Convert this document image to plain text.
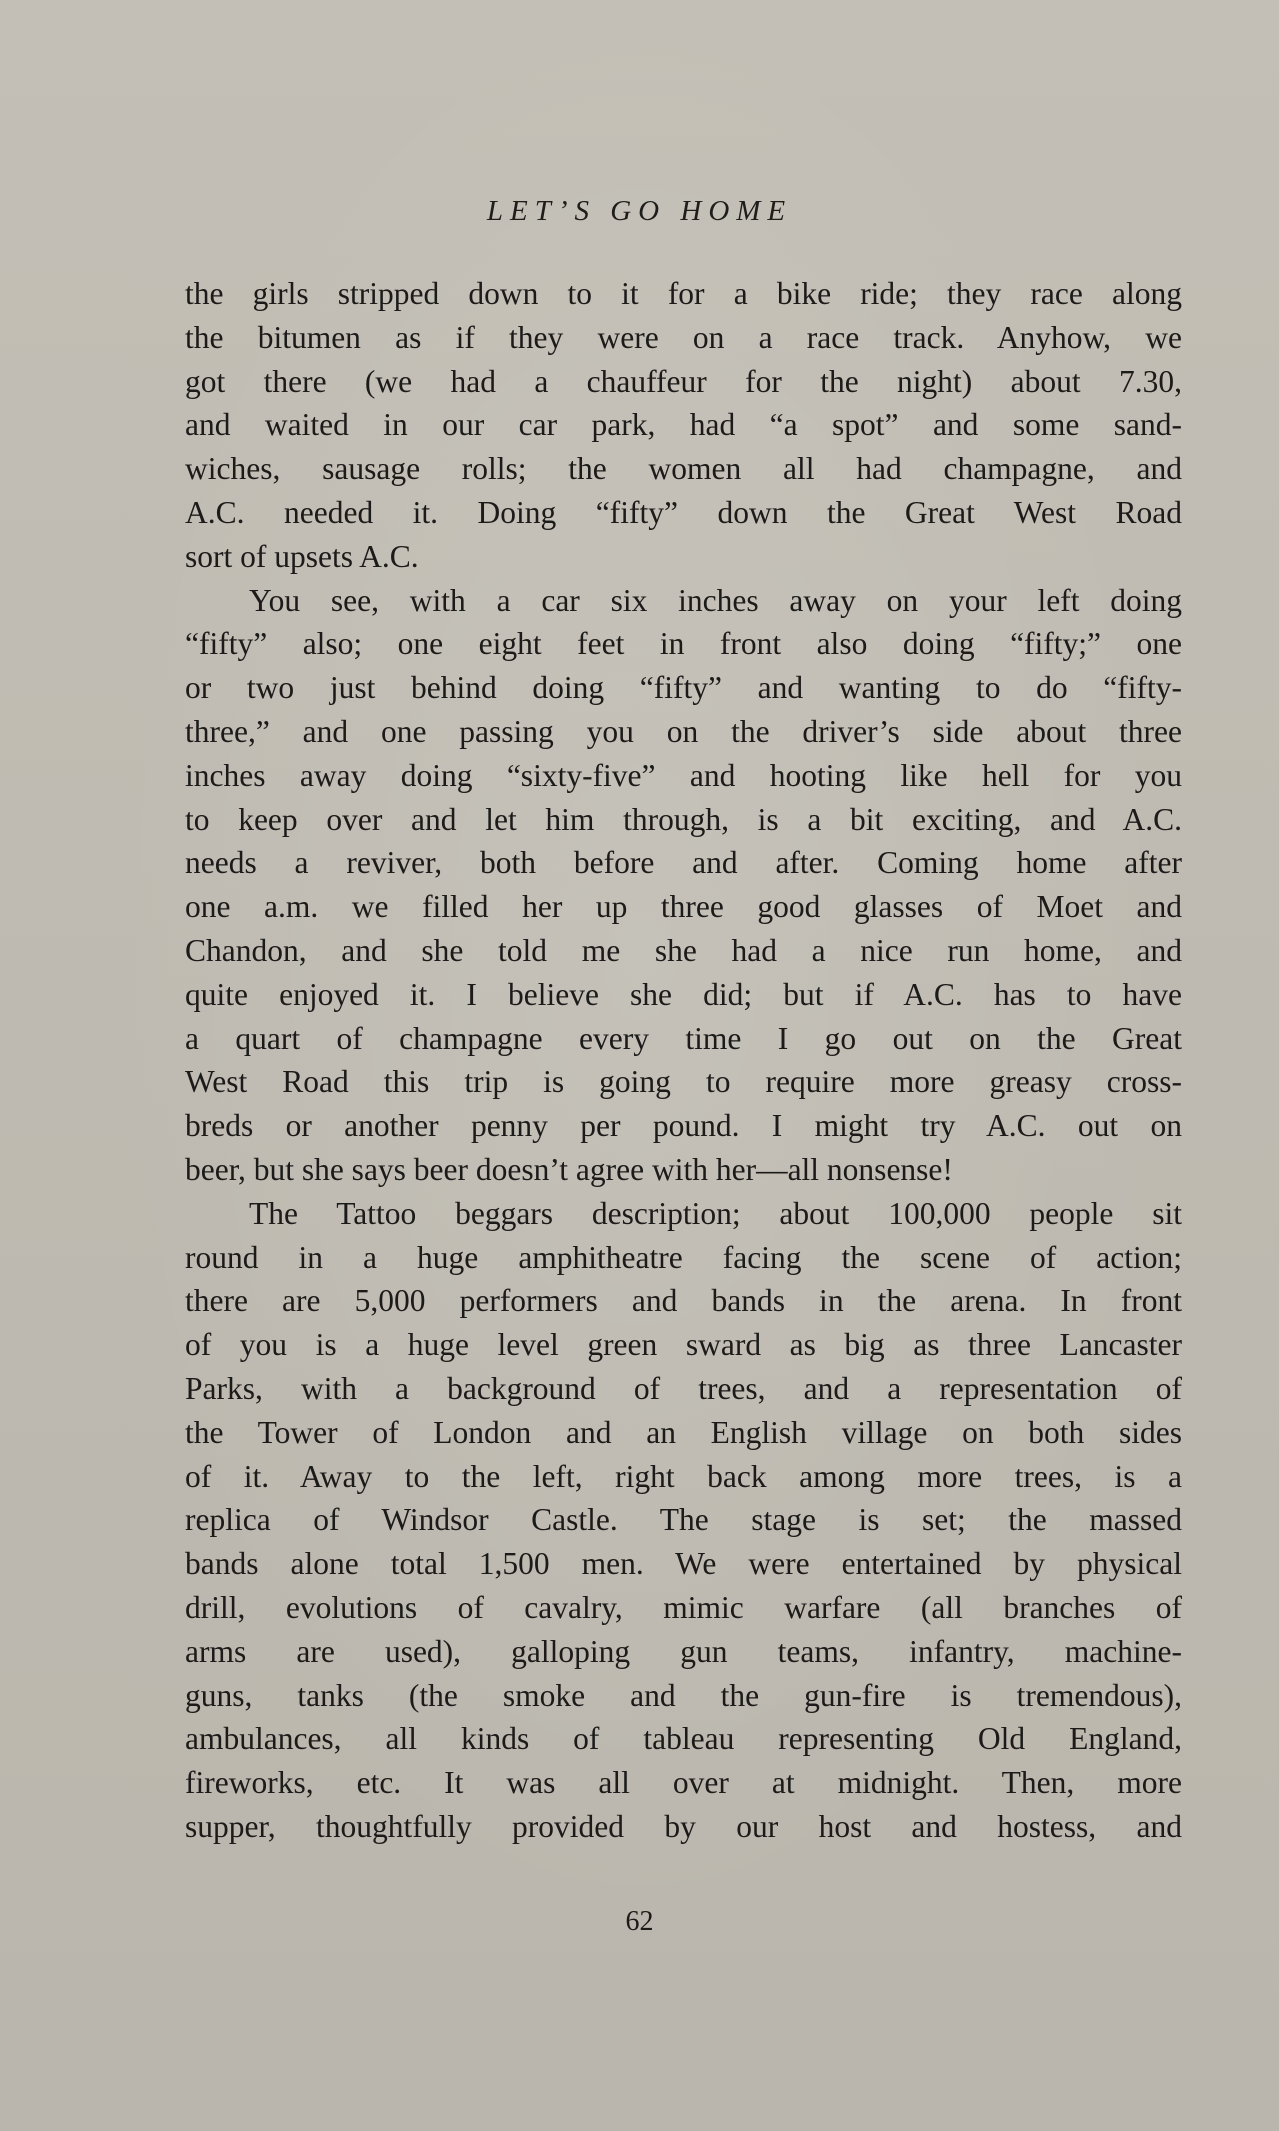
LET’S GO HOME
the girls stripped down to it for a bike ride; they race along
the bitumen as if they were on a race track. Anyhow, we
got there (we had a chauffeur for the night) about 7.30,
and waited in our car park, had “a spot” and some sand-
wiches, sausage rolls; the women all had champagne, and
A.C. needed it. Doing “fifty” down the Great West Road
sort of upsets A.C.
You see, with a car six inches away on your left doing
“fifty” also; one eight feet in front also doing “fifty;” one
or two just behind doing “fifty” and wanting to do “fifty-
three,” and one passing you on the driver’s side about three
inches away doing “sixty-five” and hooting like hell for you
to keep over and let him through, is a bit exciting, and A.C.
needs a reviver, both before and after. Coming home after
one a.m. we filled her up three good glasses of Moet and
Chandon, and she told me she had a nice run home, and
quite enjoyed it. I believe she did; but if A.C. has to have
a quart of champagne every time I go out on the Great
West Road this trip is going to require more greasy cross-
breds or another penny per pound. I might try A.C. out on
beer, but she says beer doesn’t agree with her—all nonsense!
The Tattoo beggars description; about 100,000 people sit
round in a huge amphitheatre facing the scene of action;
there are 5,000 performers and bands in the arena. In front
of you is a huge level green sward as big as three Lancaster
Parks, with a background of trees, and a representation of
the Tower of London and an English village on both sides
of it. Away to the left, right back among more trees, is a
replica of Windsor Castle. The stage is set; the massed
bands alone total 1,500 men. We were entertained by physical
drill, evolutions of cavalry, mimic warfare (all branches of
arms are used), galloping gun teams, infantry, machine-
guns, tanks (the smoke and the gun-fire is tremendous),
ambulances, all kinds of tableau representing Old England,
fireworks, etc. It was all over at midnight. Then, more
supper, thoughtfully provided by our host and hostess, and
62
